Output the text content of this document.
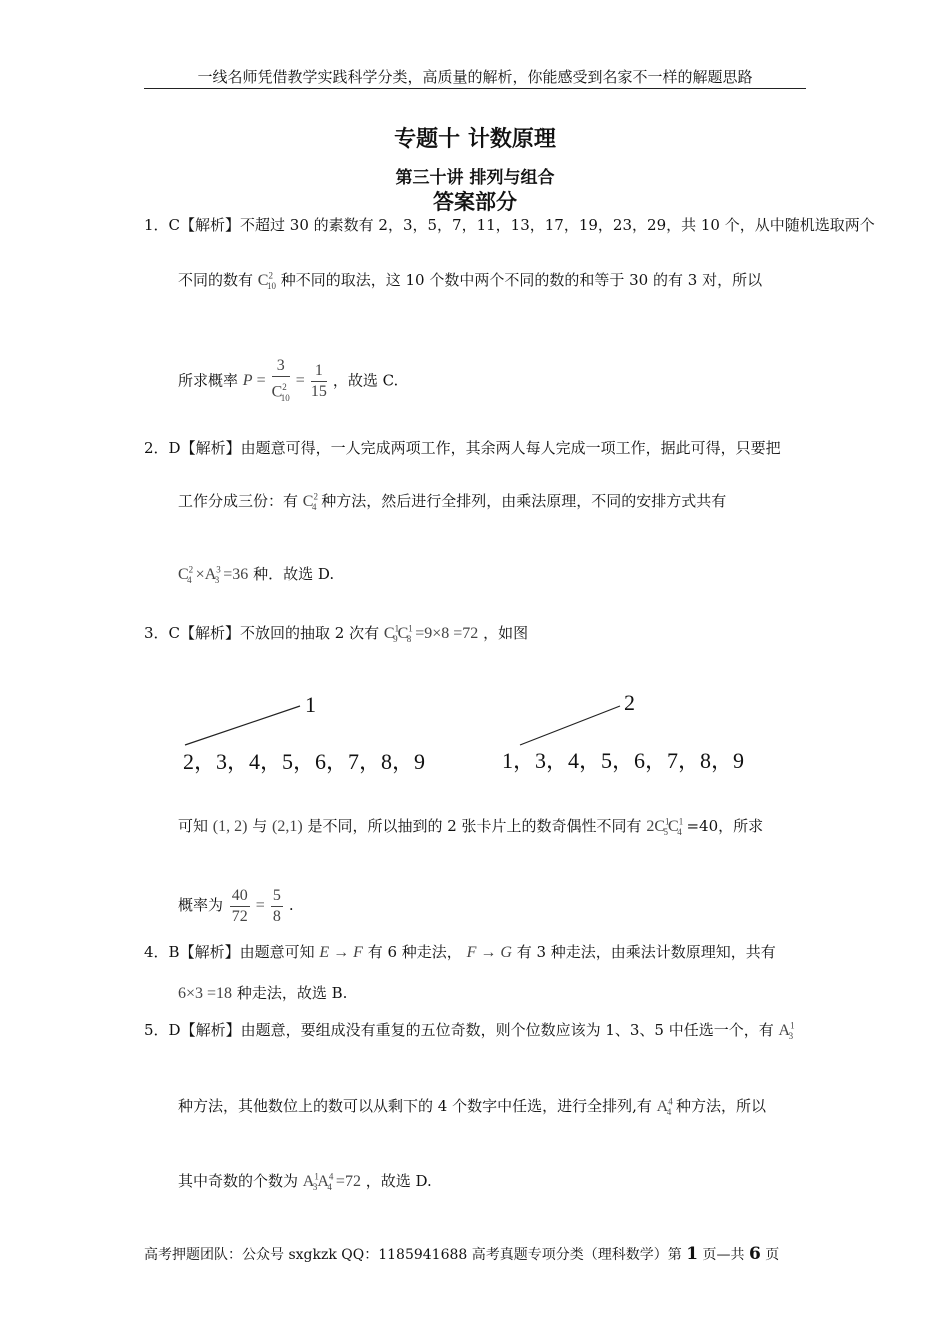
一线名师凭借教学实践科学分类，高质量的解析，你能感受到名家不一样的解题思路
专题十 计数原理
第三十讲 排列与组合
答案部分
1．C【解析】不超过 30 的素数有 2，3，5，7，11，13，17，19，23，29，共 10 个，从中随机选取两个
不同的数有 $C^2_{10}$ 种不同的取法，这 10 个数中两个不同的数的和等于 30 的有 3 对，所以
所求概率 $P = \frac{3}{C^2_{10}} = \frac{1}{15}$ ，故选 C.
2．D【解析】由题意可得，一人完成两项工作，其余两人每人完成一项工作，据此可得，只要把
工作分成三份：有 $C^2_4$ 种方法，然后进行全排列，由乘法原理，不同的安排方式共有
$C^2_4 \times A^3_3 =36$ 种．故选 D.
3．C【解析】不放回的抽取 2 次有 $C^1_9C^1_8 =9\times 8 =72$ ，如图
1
2，3，4，5，6，7，8，9
2
1，3，4，5，6，7，8，9
可知 (1, 2) 与 (2,1) 是不同，所以抽到的 2 张卡片上的数奇偶性不同有 $2C^1_5C^1_4 =40$，所求
概率为 $\frac{40}{72} = \frac{5}{8}$ .
4．B【解析】由题意可知 E → F 有 6 种走法， F → G 有 3 种走法，由乘法计数原理知，共有
6×3 =18 种走法，故选 B.
5．D【解析】由题意，要组成没有重复的五位奇数，则个位数应该为 1、3、5 中任选一个，有 $A^1_3$
种方法，其他数位上的数可以从剩下的 4 个数字中任选，进行全排列,有 $A^4_4$ 种方法，所以
其中奇数的个数为 $A^1_3A^4_4 =72$ ，故选 D.
高考押题团队：公众号 sxgkzk QQ：1185941688 高考真题专项分类（理科数学）第 1 页—共 6 页
